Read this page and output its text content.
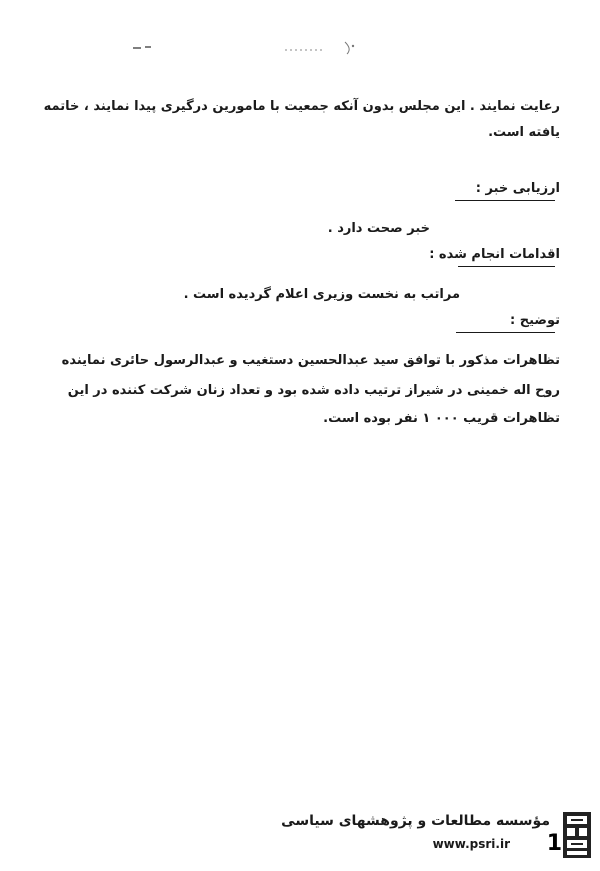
رعایت نمایند . این مجلس بدون آنکه جمعیت با مامورین درگیری پیدا نمایند ، خاتمه
یافته است.
ارزیابی خبر :
خبر صحت دارد .
اقدامات انجام شده :
مراتب به نخست وزیری اعلام گردیده است .
توضیح :
تظاهرات مذکور با توافق سید عبدالحسین دستغیب و عبدالرسول حائری نماینده
روح اله خمینی در شیراز ترتیب داده شده بود و تعداد زنان شرکت کننده در این
تظاهرات قریب ۰۰۰ ۱ نفر بوده است.
1
مؤسسه مطالعات و پژوهشهای سیاسی
www.psri.ir
